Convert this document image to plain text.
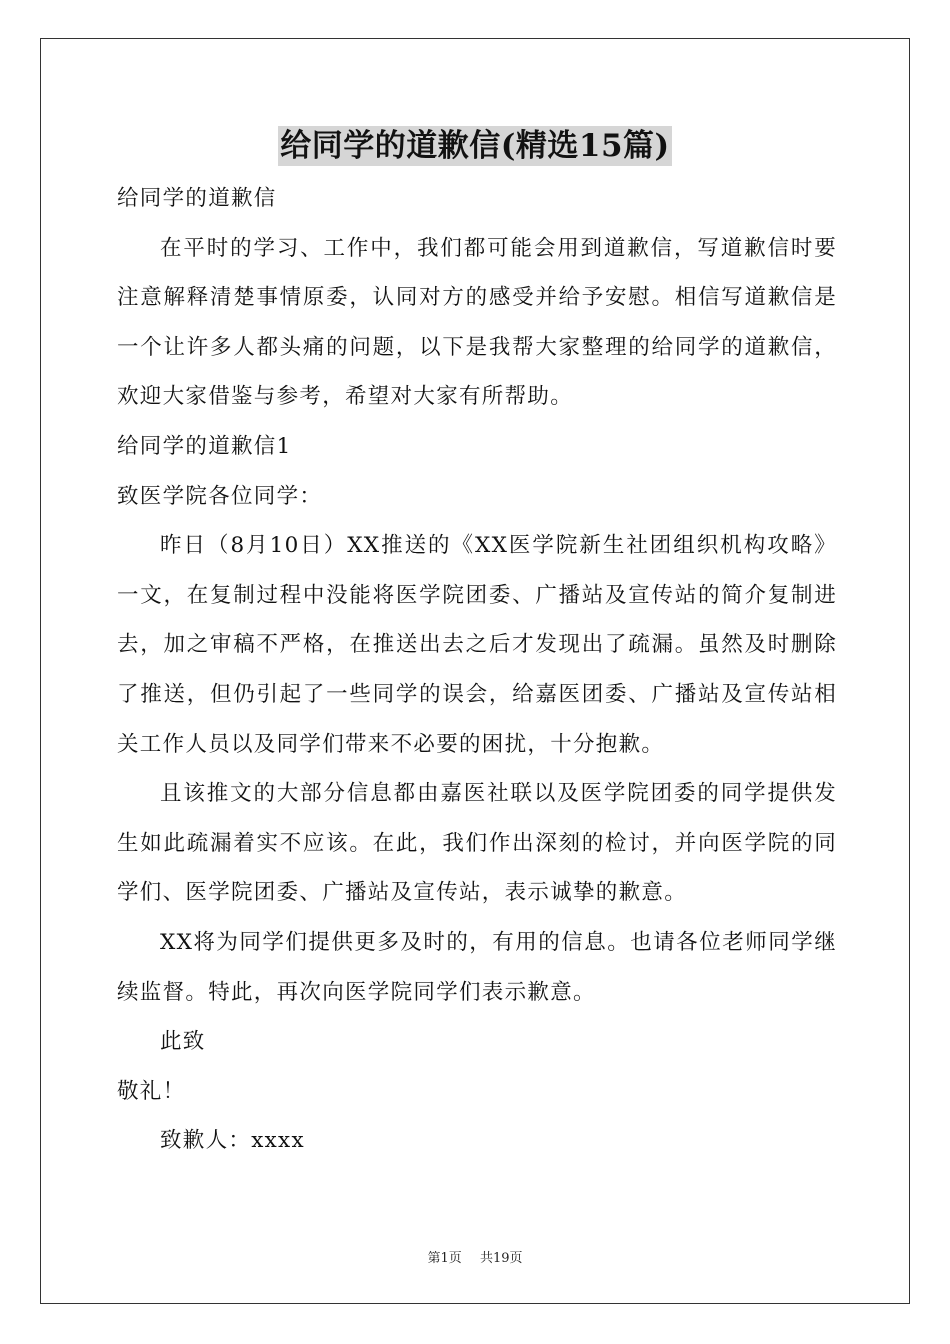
给同学的道歉信(精选15篇)

给同学的道歉信

在平时的学习、工作中，我们都可能会用到道歉信，写道歉信时要注意解释清楚事情原委，认同对方的感受并给予安慰。相信写道歉信是一个让许多人都头痛的问题，以下是我帮大家整理的给同学的道歉信，欢迎大家借鉴与参考，希望对大家有所帮助。

给同学的道歉信1

致医学院各位同学：

昨日（8月10日）XX推送的《XX医学院新生社团组织机构攻略》一文，在复制过程中没能将医学院团委、广播站及宣传站的简介复制进去，加之审稿不严格，在推送出去之后才发现出了疏漏。虽然及时删除了推送，但仍引起了一些同学的误会，给嘉医团委、广播站及宣传站相关工作人员以及同学们带来不必要的困扰，十分抱歉。

且该推文的大部分信息都由嘉医社联以及医学院团委的同学提供发生如此疏漏着实不应该。在此，我们作出深刻的检讨，并向医学院的同学们、医学院团委、广播站及宣传站，表示诚挚的歉意。

XX将为同学们提供更多及时的，有用的信息。也请各位老师同学继续监督。特此，再次向医学院同学们表示歉意。

此致

敬礼！

致歉人：xxxx

第1页 共19页
